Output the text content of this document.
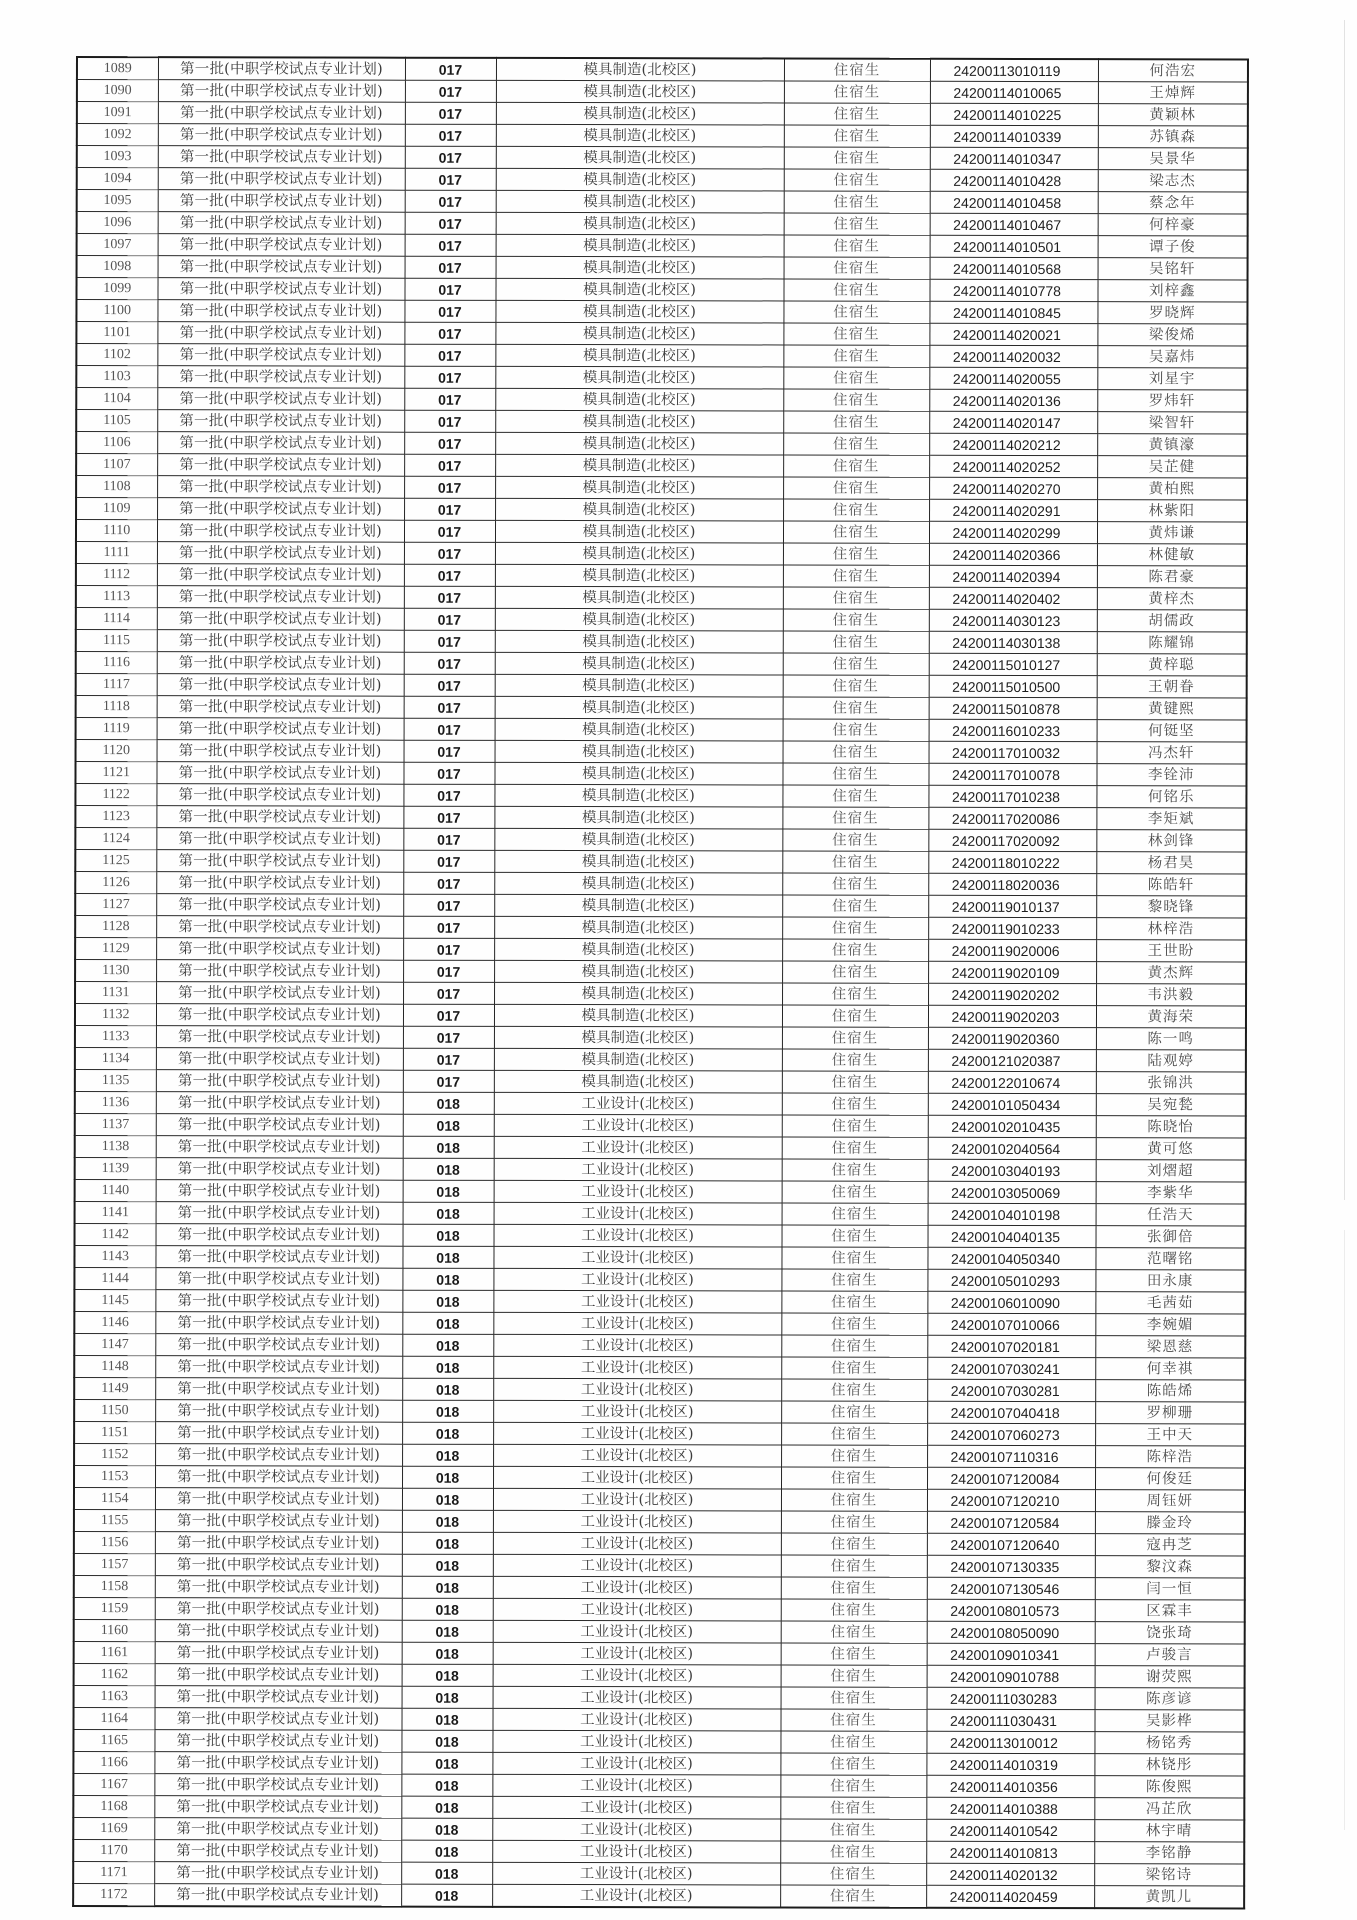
1089	第一批(中职学校试点专业计划)	017	模具制造(北校区)	住宿生	24200113010119	何浩宏
1090	第一批(中职学校试点专业计划)	017	模具制造(北校区)	住宿生	24200114010065	王焯辉
1091	第一批(中职学校试点专业计划)	017	模具制造(北校区)	住宿生	24200114010225	黄颖林
1092	第一批(中职学校试点专业计划)	017	模具制造(北校区)	住宿生	24200114010339	苏镇森
1093	第一批(中职学校试点专业计划)	017	模具制造(北校区)	住宿生	24200114010347	吴景华
1094	第一批(中职学校试点专业计划)	017	模具制造(北校区)	住宿生	24200114010428	梁志杰
1095	第一批(中职学校试点专业计划)	017	模具制造(北校区)	住宿生	24200114010458	蔡念年
1096	第一批(中职学校试点专业计划)	017	模具制造(北校区)	住宿生	24200114010467	何梓豪
1097	第一批(中职学校试点专业计划)	017	模具制造(北校区)	住宿生	24200114010501	谭子俊
1098	第一批(中职学校试点专业计划)	017	模具制造(北校区)	住宿生	24200114010568	吴铭轩
1099	第一批(中职学校试点专业计划)	017	模具制造(北校区)	住宿生	24200114010778	刘梓鑫
1100	第一批(中职学校试点专业计划)	017	模具制造(北校区)	住宿生	24200114010845	罗晓辉
1101	第一批(中职学校试点专业计划)	017	模具制造(北校区)	住宿生	24200114020021	梁俊烯
1102	第一批(中职学校试点专业计划)	017	模具制造(北校区)	住宿生	24200114020032	吴嘉炜
1103	第一批(中职学校试点专业计划)	017	模具制造(北校区)	住宿生	24200114020055	刘星宇
1104	第一批(中职学校试点专业计划)	017	模具制造(北校区)	住宿生	24200114020136	罗炜轩
1105	第一批(中职学校试点专业计划)	017	模具制造(北校区)	住宿生	24200114020147	梁智轩
1106	第一批(中职学校试点专业计划)	017	模具制造(北校区)	住宿生	24200114020212	黄镇濠
1107	第一批(中职学校试点专业计划)	017	模具制造(北校区)	住宿生	24200114020252	吴芷健
1108	第一批(中职学校试点专业计划)	017	模具制造(北校区)	住宿生	24200114020270	黄柏熙
1109	第一批(中职学校试点专业计划)	017	模具制造(北校区)	住宿生	24200114020291	林紫阳
1110	第一批(中职学校试点专业计划)	017	模具制造(北校区)	住宿生	24200114020299	黄炜谦
1111	第一批(中职学校试点专业计划)	017	模具制造(北校区)	住宿生	24200114020366	林健敏
1112	第一批(中职学校试点专业计划)	017	模具制造(北校区)	住宿生	24200114020394	陈君豪
1113	第一批(中职学校试点专业计划)	017	模具制造(北校区)	住宿生	24200114020402	黄梓杰
1114	第一批(中职学校试点专业计划)	017	模具制造(北校区)	住宿生	24200114030123	胡儒政
1115	第一批(中职学校试点专业计划)	017	模具制造(北校区)	住宿生	24200114030138	陈耀锦
1116	第一批(中职学校试点专业计划)	017	模具制造(北校区)	住宿生	24200115010127	黄梓聪
1117	第一批(中职学校试点专业计划)	017	模具制造(北校区)	住宿生	24200115010500	王朝眷
1118	第一批(中职学校试点专业计划)	017	模具制造(北校区)	住宿生	24200115010878	黄键熙
1119	第一批(中职学校试点专业计划)	017	模具制造(北校区)	住宿生	24200116010233	何铤坚
1120	第一批(中职学校试点专业计划)	017	模具制造(北校区)	住宿生	24200117010032	冯杰轩
1121	第一批(中职学校试点专业计划)	017	模具制造(北校区)	住宿生	24200117010078	李铨沛
1122	第一批(中职学校试点专业计划)	017	模具制造(北校区)	住宿生	24200117010238	何铭乐
1123	第一批(中职学校试点专业计划)	017	模具制造(北校区)	住宿生	24200117020086	李矩斌
1124	第一批(中职学校试点专业计划)	017	模具制造(北校区)	住宿生	24200117020092	林剑锋
1125	第一批(中职学校试点专业计划)	017	模具制造(北校区)	住宿生	24200118010222	杨君昊
1126	第一批(中职学校试点专业计划)	017	模具制造(北校区)	住宿生	24200118020036	陈皓轩
1127	第一批(中职学校试点专业计划)	017	模具制造(北校区)	住宿生	24200119010137	黎晓锋
1128	第一批(中职学校试点专业计划)	017	模具制造(北校区)	住宿生	24200119010233	林梓浩
1129	第一批(中职学校试点专业计划)	017	模具制造(北校区)	住宿生	24200119020006	王世盼
1130	第一批(中职学校试点专业计划)	017	模具制造(北校区)	住宿生	24200119020109	黄杰辉
1131	第一批(中职学校试点专业计划)	017	模具制造(北校区)	住宿生	24200119020202	韦洪毅
1132	第一批(中职学校试点专业计划)	017	模具制造(北校区)	住宿生	24200119020203	黄海荣
1133	第一批(中职学校试点专业计划)	017	模具制造(北校区)	住宿生	24200119020360	陈一鸣
1134	第一批(中职学校试点专业计划)	017	模具制造(北校区)	住宿生	24200121020387	陆观婷
1135	第一批(中职学校试点专业计划)	017	模具制造(北校区)	住宿生	24200122010674	张锦洪
1136	第一批(中职学校试点专业计划)	018	工业设计(北校区)	住宿生	24200101050434	吴宛甃
1137	第一批(中职学校试点专业计划)	018	工业设计(北校区)	住宿生	24200102010435	陈晓怡
1138	第一批(中职学校试点专业计划)	018	工业设计(北校区)	住宿生	24200102040564	黄可悠
1139	第一批(中职学校试点专业计划)	018	工业设计(北校区)	住宿生	24200103040193	刘熠超
1140	第一批(中职学校试点专业计划)	018	工业设计(北校区)	住宿生	24200103050069	李紫华
1141	第一批(中职学校试点专业计划)	018	工业设计(北校区)	住宿生	24200104010198	任浩天
1142	第一批(中职学校试点专业计划)	018	工业设计(北校区)	住宿生	24200104040135	张御倍
1143	第一批(中职学校试点专业计划)	018	工业设计(北校区)	住宿生	24200104050340	范曙铭
1144	第一批(中职学校试点专业计划)	018	工业设计(北校区)	住宿生	24200105010293	田永康
1145	第一批(中职学校试点专业计划)	018	工业设计(北校区)	住宿生	24200106010090	毛茜茹
1146	第一批(中职学校试点专业计划)	018	工业设计(北校区)	住宿生	24200107010066	李婉媚
1147	第一批(中职学校试点专业计划)	018	工业设计(北校区)	住宿生	24200107020181	梁恩慈
1148	第一批(中职学校试点专业计划)	018	工业设计(北校区)	住宿生	24200107030241	何幸祺
1149	第一批(中职学校试点专业计划)	018	工业设计(北校区)	住宿生	24200107030281	陈皓烯
1150	第一批(中职学校试点专业计划)	018	工业设计(北校区)	住宿生	24200107040418	罗柳珊
1151	第一批(中职学校试点专业计划)	018	工业设计(北校区)	住宿生	24200107060273	王中天
1152	第一批(中职学校试点专业计划)	018	工业设计(北校区)	住宿生	24200107110316	陈梓浩
1153	第一批(中职学校试点专业计划)	018	工业设计(北校区)	住宿生	24200107120084	何俊廷
1154	第一批(中职学校试点专业计划)	018	工业设计(北校区)	住宿生	24200107120210	周钰妍
1155	第一批(中职学校试点专业计划)	018	工业设计(北校区)	住宿生	24200107120584	滕金玲
1156	第一批(中职学校试点专业计划)	018	工业设计(北校区)	住宿生	24200107120640	寇冉芝
1157	第一批(中职学校试点专业计划)	018	工业设计(北校区)	住宿生	24200107130335	黎汶森
1158	第一批(中职学校试点专业计划)	018	工业设计(北校区)	住宿生	24200107130546	闫一恒
1159	第一批(中职学校试点专业计划)	018	工业设计(北校区)	住宿生	24200108010573	区霖丰
1160	第一批(中职学校试点专业计划)	018	工业设计(北校区)	住宿生	24200108050090	饶张琦
1161	第一批(中职学校试点专业计划)	018	工业设计(北校区)	住宿生	24200109010341	卢骏言
1162	第一批(中职学校试点专业计划)	018	工业设计(北校区)	住宿生	24200109010788	谢荧熙
1163	第一批(中职学校试点专业计划)	018	工业设计(北校区)	住宿生	24200111030283	陈彦谚
1164	第一批(中职学校试点专业计划)	018	工业设计(北校区)	住宿生	24200111030431	吴影桦
1165	第一批(中职学校试点专业计划)	018	工业设计(北校区)	住宿生	24200113010012	杨铭秀
1166	第一批(中职学校试点专业计划)	018	工业设计(北校区)	住宿生	24200114010319	林铙彤
1167	第一批(中职学校试点专业计划)	018	工业设计(北校区)	住宿生	24200114010356	陈俊熙
1168	第一批(中职学校试点专业计划)	018	工业设计(北校区)	住宿生	24200114010388	冯芷欣
1169	第一批(中职学校试点专业计划)	018	工业设计(北校区)	住宿生	24200114010542	林宇晴
1170	第一批(中职学校试点专业计划)	018	工业设计(北校区)	住宿生	24200114010813	李铭静
1171	第一批(中职学校试点专业计划)	018	工业设计(北校区)	住宿生	24200114020132	梁铭诗
1172	第一批(中职学校试点专业计划)	018	工业设计(北校区)	住宿生	24200114020459	黄凯儿
